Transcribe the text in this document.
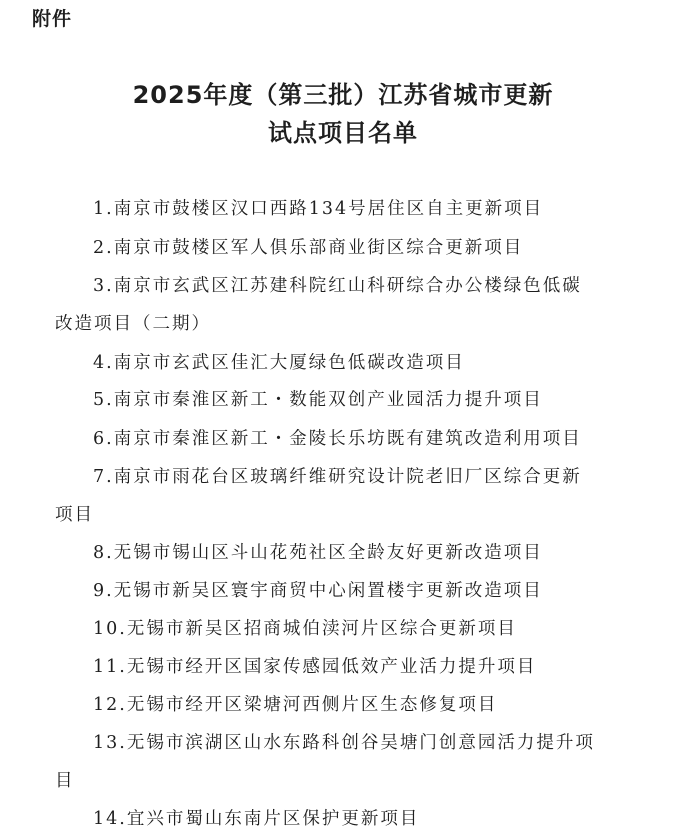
附件
2025年度（第三批）江苏省城市更新
试点项目名单
1.南京市鼓楼区汉口西路134号居住区自主更新项目
2.南京市鼓楼区军人俱乐部商业街区综合更新项目
3.南京市玄武区江苏建科院红山科研综合办公楼绿色低碳
改造项目（二期）
4.南京市玄武区佳汇大厦绿色低碳改造项目
5.南京市秦淮区新工・数能双创产业园活力提升项目
6.南京市秦淮区新工・金陵长乐坊既有建筑改造利用项目
7.南京市雨花台区玻璃纤维研究设计院老旧厂区综合更新
项目
8.无锡市锡山区斗山花苑社区全龄友好更新改造项目
9.无锡市新吴区寰宇商贸中心闲置楼宇更新改造项目
10.无锡市新吴区招商城伯渎河片区综合更新项目
11.无锡市经开区国家传感园低效产业活力提升项目
12.无锡市经开区梁塘河西侧片区生态修复项目
13.无锡市滨湖区山水东路科创谷吴塘门创意园活力提升项
目
14.宜兴市蜀山东南片区保护更新项目
